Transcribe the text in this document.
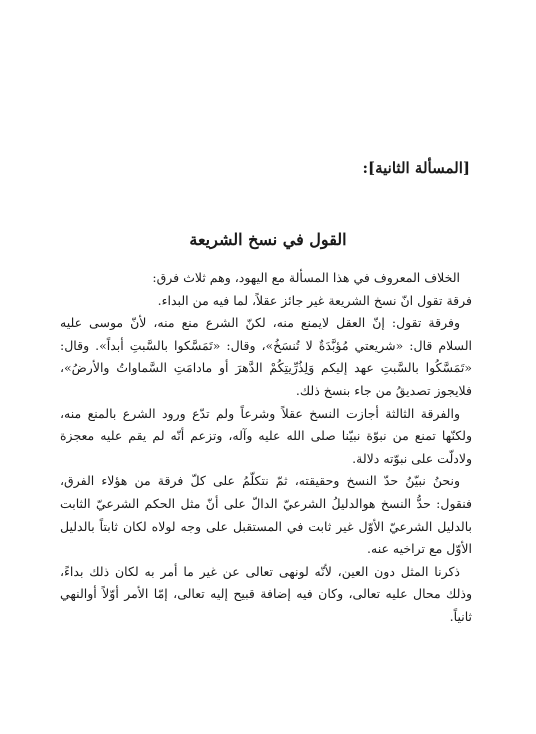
[المسألة الثانية]:
القول في نسخ الشريعة

الخلاف المعروف في هذا المسألة مع اليهود، وهم ثلاث فرق:

فرقة تقول انّ نسخ الشريعة غير جائز عقلاً، لما فيه من البداء.

وفرقة تقول: إنّ العقل لايمنع منه، لكنّ الشرع منع منه، لأنّ موسى عليه السلام قال: «شريعتي مُؤبَّدَةٌ لا تُنسَخُ»، وقال: «تَمَسَّكوا بالسَّبتِ أبداً». وقال: «تَمَسَّكُوا بالسَّبتِ عهد إليكم وَلِذُرِّيتِكُمْ الدَّهرَ أو مادامَتِ السَّماواتُ والأرضُ»، فلايجوز تصديقُ من جاء بنسخ ذلك.

والفرقة الثالثة أجازت النسخ عقلاً وشرعاً ولم تدّع ورود الشرع بالمنع منه، ولكنّها تمنع من نبوّة نبيّنا صلى الله عليه وآله، وتزعم أنّه لم يقم عليه معجزة ولادلّت على نبوّته دلالة.

ونحنُ نبيّنُ حدّ النسخ وحقيقته، ثمّ نتكلّمُ على كلّ فرقة من هؤلاء الفرق، فنقول: حدُّ النسخ هوالدليلُ الشرعيّ الدالّ على أنّ مثل الحكم الشرعيّ الثابت بالدليل الشرعيّ الأوّل غير ثابت في المستقبل على وجه لولاه لكان ثابتاً بالدليل الأوّل مع تراخيه عنه.

ذكرنا المثل دون العين، لأنّه لونهى تعالى عن غير ما أمر به لكان ذلك بداءً، وذلك محال عليه تعالى، وكان فيه إضافة قبيح إليه تعالى، إمّا الأمر أوّلاً أوالنهي ثانياً.
